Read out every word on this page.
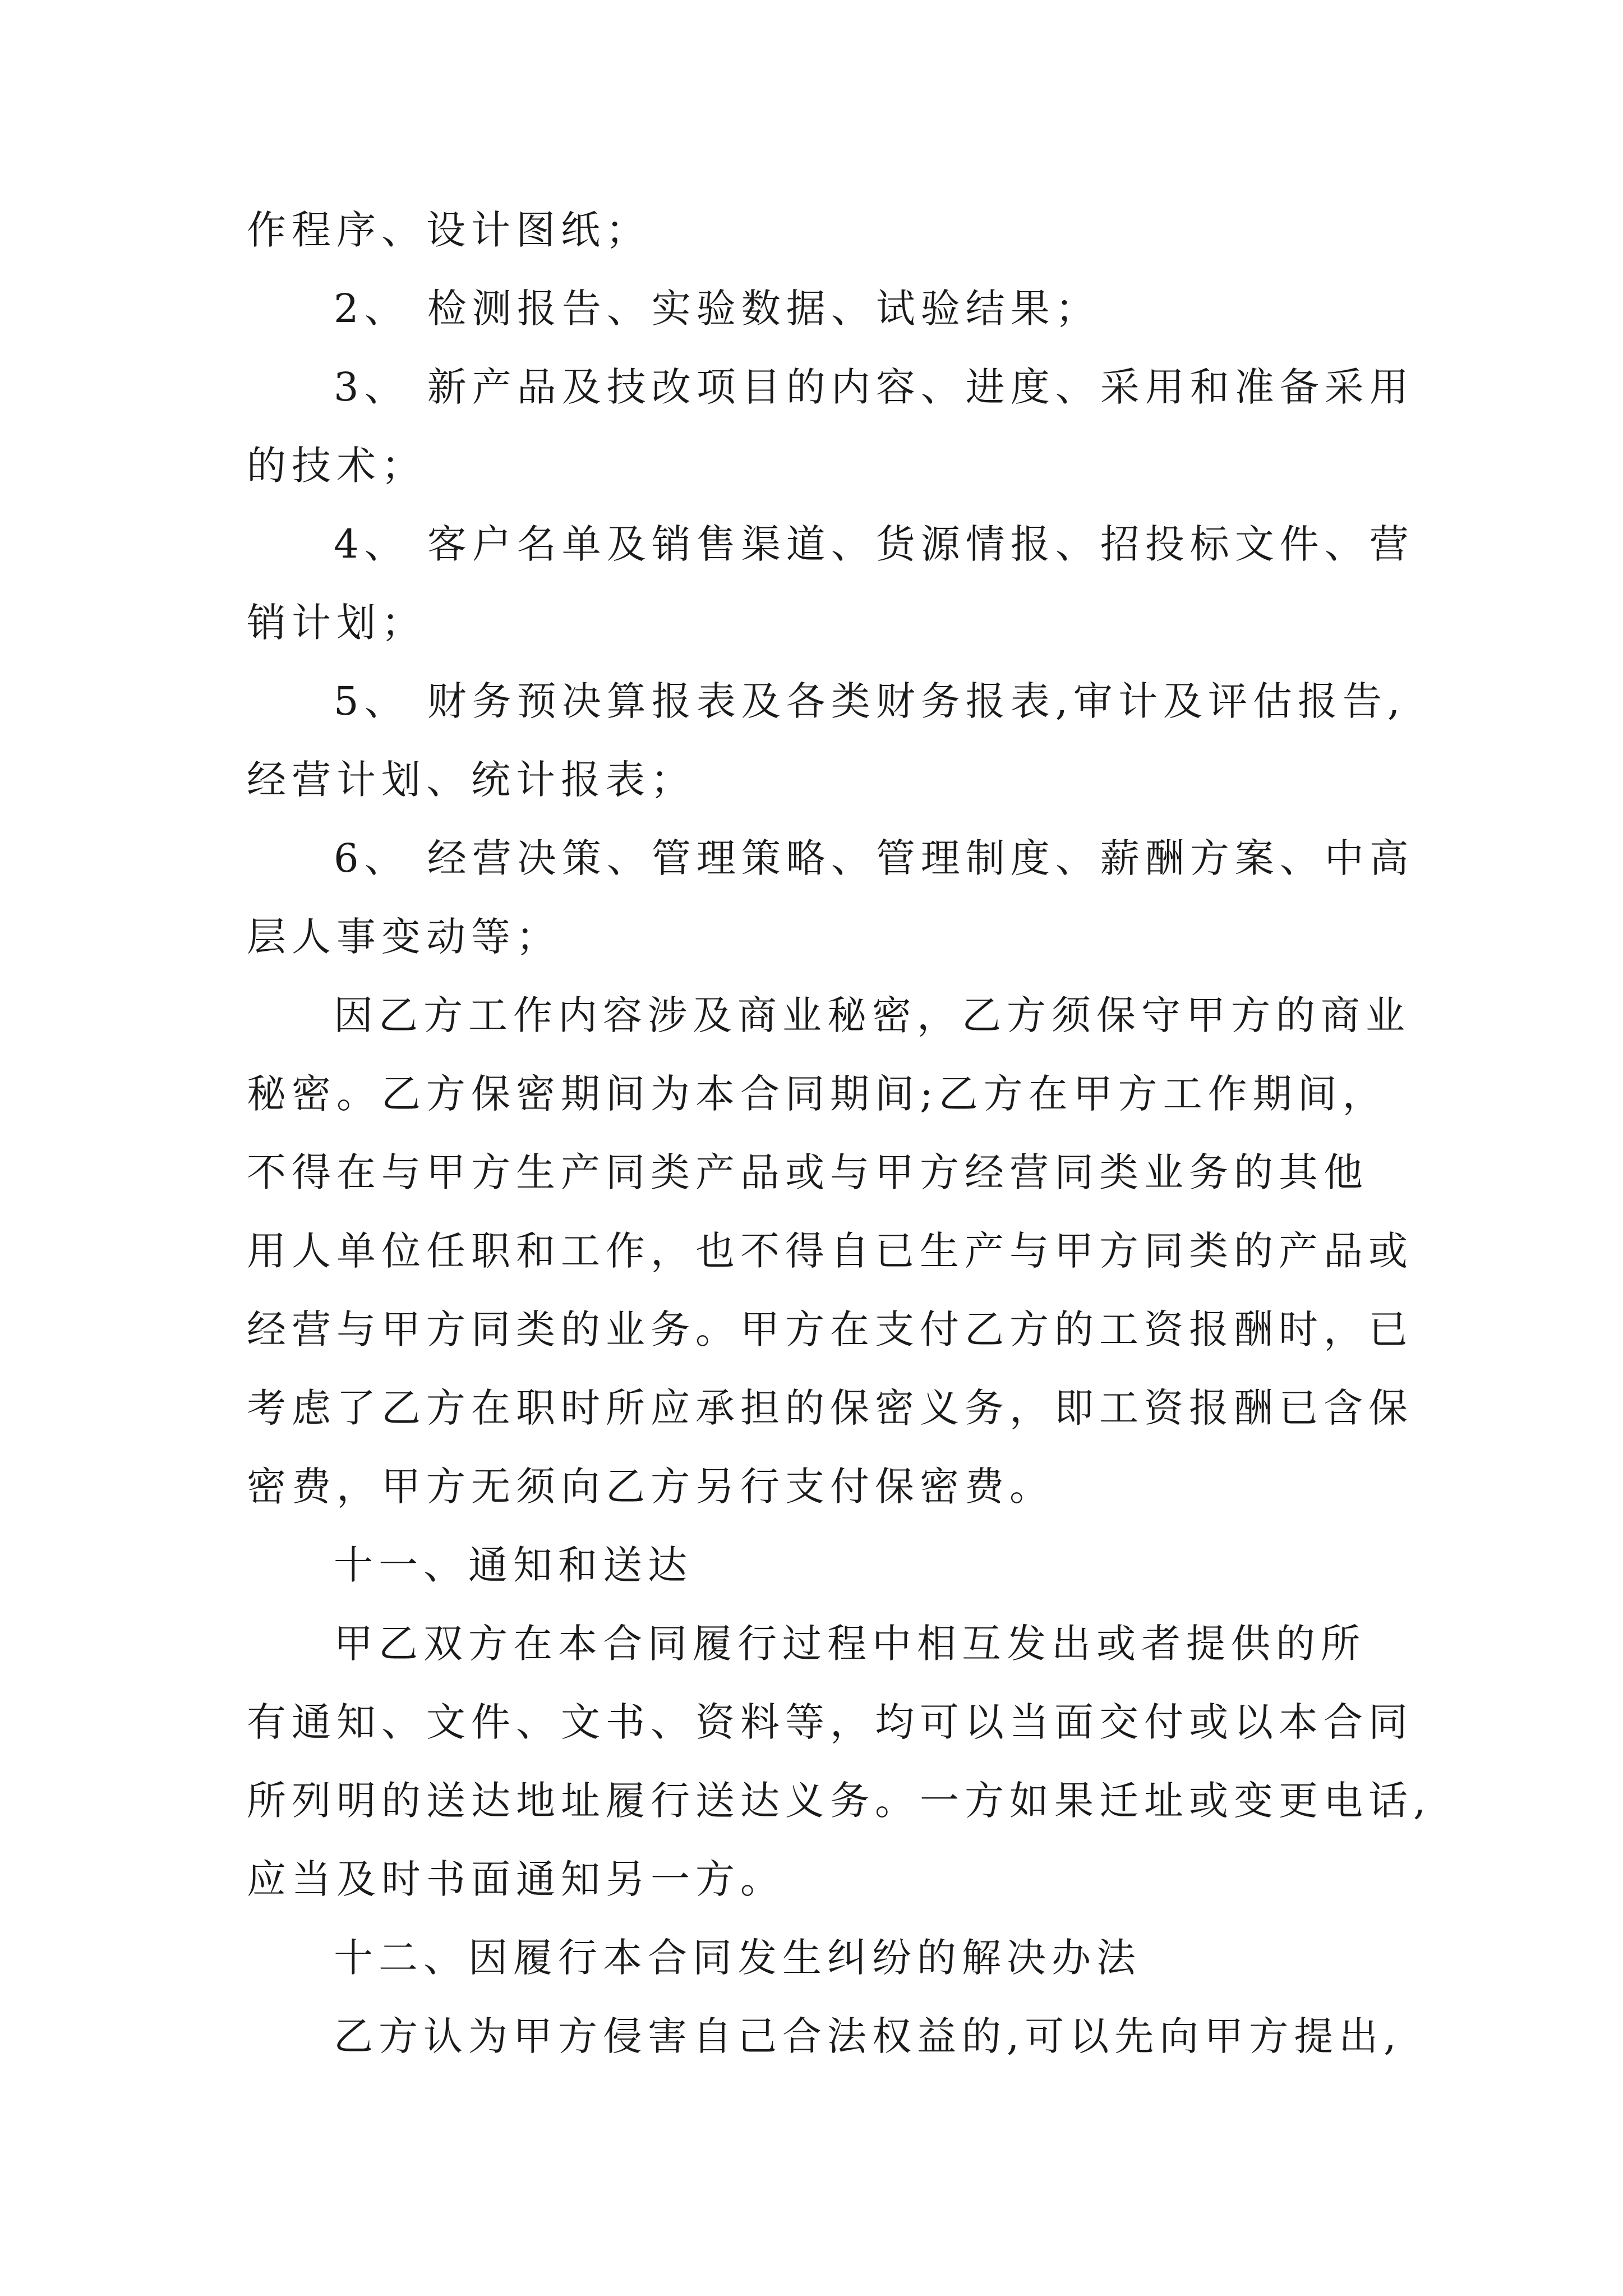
作程序、设计图纸；
2、 检测报告、实验数据、试验结果；
3、 新产品及技改项目的内容、进度、采用和准备采用
的技术；
4、 客户名单及销售渠道、货源情报、招投标文件、营
销计划；
5、 财务预决算报表及各类财务报表,审计及评估报告,
经营计划、统计报表；
6、 经营决策、管理策略、管理制度、薪酬方案、中高
层人事变动等；
因乙方工作内容涉及商业秘密，乙方须保守甲方的商业
秘密。乙方保密期间为本合同期间;乙方在甲方工作期间，
不得在与甲方生产同类产品或与甲方经营同类业务的其他
用人单位任职和工作，也不得自已生产与甲方同类的产品或
经营与甲方同类的业务。甲方在支付乙方的工资报酬时，已
考虑了乙方在职时所应承担的保密义务，即工资报酬已含保
密费，甲方无须向乙方另行支付保密费。
十一、通知和送达
甲乙双方在本合同履行过程中相互发出或者提供的所
有通知、文件、文书、资料等，均可以当面交付或以本合同
所列明的送达地址履行送达义务。一方如果迁址或变更电话,
应当及时书面通知另一方。
十二、因履行本合同发生纠纷的解决办法
乙方认为甲方侵害自己合法权益的,可以先向甲方提出,
